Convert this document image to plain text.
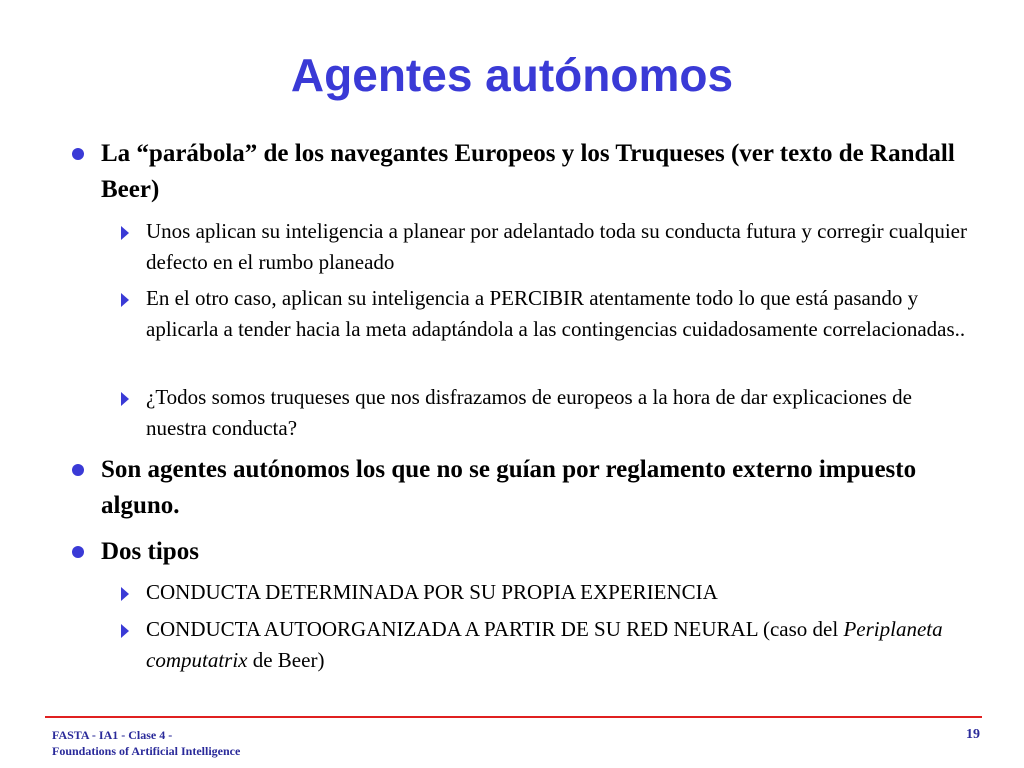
Agentes autónomos
La “parábola” de los navegantes Europeos y los Truqueses (ver texto de Randall Beer)
Unos aplican su inteligencia a planear por adelantado toda su conducta futura y corregir cualquier defecto en el rumbo planeado
En el otro caso, aplican su inteligencia a PERCIBIR atentamente todo lo que está pasando y aplicarla a tender hacia la meta adaptándola a las contingencias cuidadosamente correlacionadas..
¿Todos somos truqueses que nos disfrazamos de europeos a la hora de dar explicaciones de nuestra conducta?
Son agentes autónomos los que no se guían por reglamento externo impuesto alguno.
Dos tipos
CONDUCTA DETERMINADA POR SU PROPIA EXPERIENCIA
CONDUCTA AUTOORGANIZADA A PARTIR DE SU RED NEURAL (caso del Periplaneta computatrix de Beer)
FASTA - IA1 - Clase 4 -
Foundations of Artificial Intelligence
19
